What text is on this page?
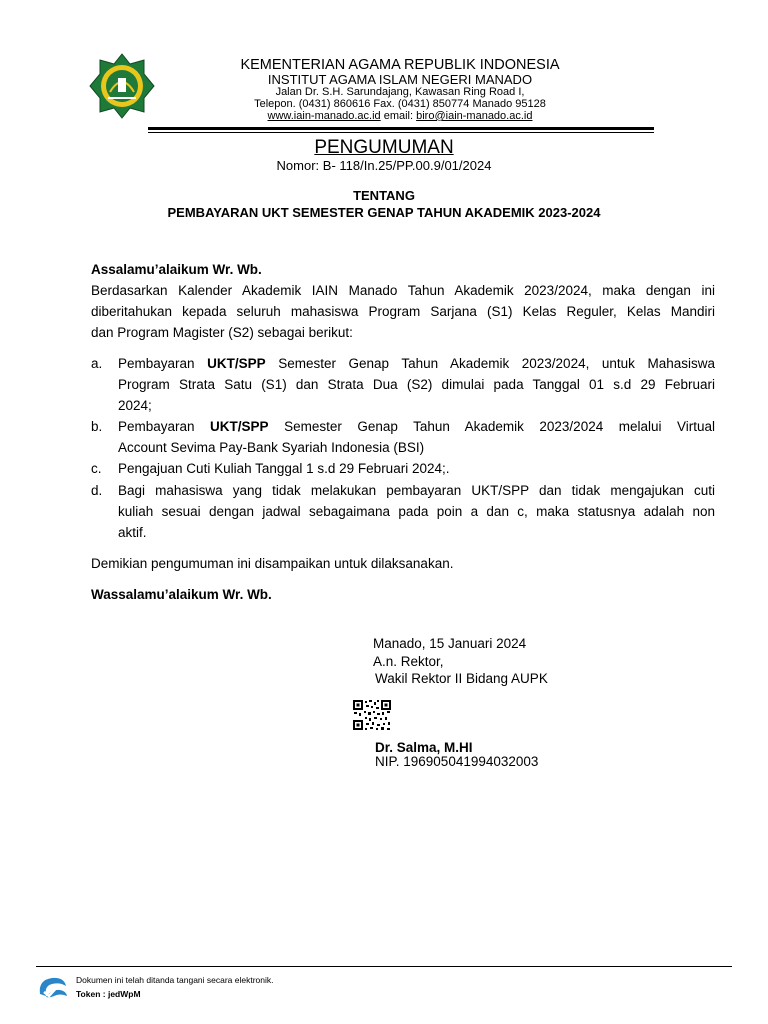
KEMENTERIAN AGAMA REPUBLIK INDONESIA
INSTITUT AGAMA ISLAM NEGERI MANADO
Jalan Dr. S.H. Sarundajang, Kawasan Ring Road I,
Telepon. (0431) 860616 Fax. (0431) 850774 Manado 95128
www.iain-manado.ac.id email: biro@iain-manado.ac.id
PENGUMUMAN
Nomor: B- 118/In.25/PP.00.9/01/2024
TENTANG
PEMBAYARAN UKT SEMESTER GENAP TAHUN AKADEMIK 2023-2024
Assalamu’alaikum Wr. Wb.
Berdasarkan Kalender Akademik IAIN Manado Tahun Akademik 2023/2024, maka dengan ini
diberitahukan kepada seluruh mahasiswa Program Sarjana (S1) Kelas Reguler, Kelas Mandiri
dan Program Magister (S2) sebagai berikut:
a. Pembayaran UKT/SPP Semester Genap Tahun Akademik 2023/2024, untuk Mahasiswa
Program Strata Satu (S1) dan Strata Dua (S2) dimulai pada Tanggal 01 s.d 29 Februari
2024;
b. Pembayaran UKT/SPP Semester Genap Tahun Akademik 2023/2024 melalui Virtual
Account Sevima Pay-Bank Syariah Indonesia (BSI)
c. Pengajuan Cuti Kuliah Tanggal 1 s.d 29 Februari 2024;.
d. Bagi mahasiswa yang tidak melakukan pembayaran UKT/SPP dan tidak mengajukan cuti
kuliah sesuai dengan jadwal sebagaimana pada poin a dan c, maka statusnya adalah non
aktif.
Demikian pengumuman ini disampaikan untuk dilaksanakan.
Wassalamu’alaikum Wr. Wb.
Manado, 15 Januari 2024
A.n. Rektor,
Wakil Rektor II Bidang AUPK
Dr. Salma, M.HI
NIP. 196905041994032003
Dokumen ini telah ditanda tangani secara elektronik.
Token : jedWpM
